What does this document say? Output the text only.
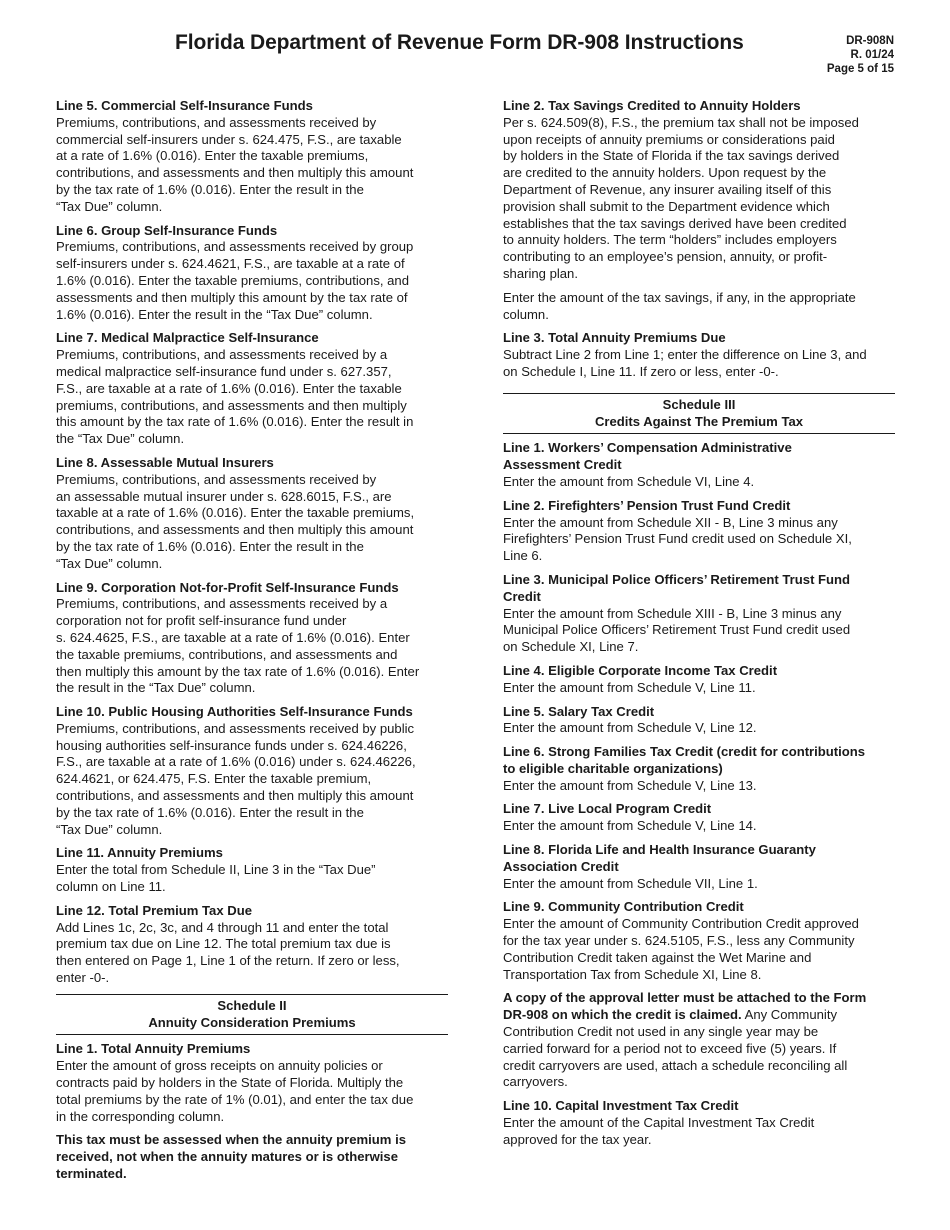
Florida Department of Revenue Form DR-908 Instructions	DR-908N
R. 01/24
Page 5 of 15

Line 5. Commercial Self-Insurance Funds

Premiums, contributions, and assessments received by

commercial self-insurers under s. 624.475, F.S., are taxable

at a rate of 1.6% (0.016). Enter the taxable premiums,

contributions, and assessments and then multiply this amount

by the tax rate of 1.6% (0.016). Enter the result in the

“Tax Due” column.

Line 6. Group Self-Insurance Funds

Premiums, contributions, and assessments received by group

self-insurers under s. 624.4621, F.S., are taxable at a rate of

1.6% (0.016). Enter the taxable premiums, contributions, and

assessments and then multiply this amount by the tax rate of

1.6% (0.016). Enter the result in the “Tax Due” column.

Line 7. Medical Malpractice Self-Insurance

Premiums, contributions, and assessments received by a

medical malpractice self-insurance fund under s. 627.357,

F.S., are taxable at a rate of 1.6% (0.016). Enter the taxable

premiums, contributions, and assessments and then multiply

this amount by the tax rate of 1.6% (0.016). Enter the result in

the “Tax Due” column.

Line 8. Assessable Mutual Insurers

Premiums, contributions, and assessments received by

an assessable mutual insurer under s. 628.6015, F.S., are

taxable at a rate of 1.6% (0.016). Enter the taxable premiums,

contributions, and assessments and then multiply this amount

by the tax rate of 1.6% (0.016). Enter the result in the

“Tax Due” column.

Line 9. Corporation Not-for-Profit Self-Insurance Funds

Premiums, contributions, and assessments received by a

corporation not for profit self-insurance fund under

s. 624.4625, F.S., are taxable at a rate of 1.6% (0.016). Enter

the taxable premiums, contributions, and assessments and

then multiply this amount by the tax rate of 1.6% (0.016). Enter

the result in the “Tax Due” column.

Line 10. Public Housing Authorities Self-Insurance Funds

Premiums, contributions, and assessments received by public

housing authorities self-insurance funds under s. 624.46226,

F.S., are taxable at a rate of 1.6% (0.016) under s. 624.46226,

624.4621, or 624.475, F.S. Enter the taxable premium,

contributions, and assessments and then multiply this amount

by the tax rate of 1.6% (0.016). Enter the result in the

“Tax Due” column.

Line 11. Annuity Premiums

Enter the total from Schedule II, Line 3 in the “Tax Due”

column on Line 11.

Line 12. Total Premium Tax Due

Add Lines 1c, 2c, 3c, and 4 through 11 and enter the total

premium tax due on Line 12. The total premium tax due is

then entered on Page 1, Line 1 of the return. If zero or less,

enter -0-.

Schedule II
Annuity Consideration Premiums

Line 1. Total Annuity Premiums

Enter the amount of gross receipts on annuity policies or

contracts paid by holders in the State of Florida. Multiply the

total premiums by the rate of 1% (0.01), and enter the tax due

in the corresponding column.

This tax must be assessed when the annuity premium is

received, not when the annuity matures or is otherwise

terminated.

Line 2. Tax Savings Credited to Annuity Holders

Per s. 624.509(8), F.S., the premium tax shall not be imposed

upon receipts of annuity premiums or considerations paid

by holders in the State of Florida if the tax savings derived

are credited to the annuity holders. Upon request by the

Department of Revenue, any insurer availing itself of this

provision shall submit to the Department evidence which

establishes that the tax savings derived have been credited

to annuity holders. The term “holders” includes employers

contributing to an employee’s pension, annuity, or profit-

sharing plan.

Enter the amount of the tax savings, if any, in the appropriate

column.

Line 3. Total Annuity Premiums Due

Subtract Line 2 from Line 1; enter the difference on Line 3, and

on Schedule I, Line 11. If zero or less, enter -0-.

Schedule III
Credits Against The Premium Tax

Line 1. Workers’ Compensation Administrative

Assessment Credit

Enter the amount from Schedule VI, Line 4.

Line 2. Firefighters’ Pension Trust Fund Credit

Enter the amount from Schedule XII - B, Line 3 minus any

Firefighters’ Pension Trust Fund credit used on Schedule XI,

Line 6.

Line 3. Municipal Police Officers’ Retirement Trust Fund

Credit

Enter the amount from Schedule XIII - B, Line 3 minus any

Municipal Police Officers’ Retirement Trust Fund credit used

on Schedule XI, Line 7.

Line 4. Eligible Corporate Income Tax Credit

Enter the amount from Schedule V, Line 11.

Line 5. Salary Tax Credit

Enter the amount from Schedule V, Line 12.

Line 6. Strong Families Tax Credit (credit for contributions

to eligible charitable organizations)

Enter the amount from Schedule V, Line 13.

Line 7. Live Local Program Credit

Enter the amount from Schedule V, Line 14.

Line 8. Florida Life and Health Insurance Guaranty

Association Credit

Enter the amount from Schedule VII, Line 1.

Line 9. Community Contribution Credit

Enter the amount of Community Contribution Credit approved

for the tax year under s. 624.5105, F.S., less any Community

Contribution Credit taken against the Wet Marine and

Transportation Tax from Schedule XI, Line 8.

A copy of the approval letter must be attached to the Form

DR-908 on which the credit is claimed. Any Community

Contribution Credit not used in any single year may be

carried forward for a period not to exceed five (5) years. If

credit carryovers are used, attach a schedule reconciling all

carryovers.

Line 10. Capital Investment Tax Credit

Enter the amount of the Capital Investment Tax Credit

approved for the tax year.
